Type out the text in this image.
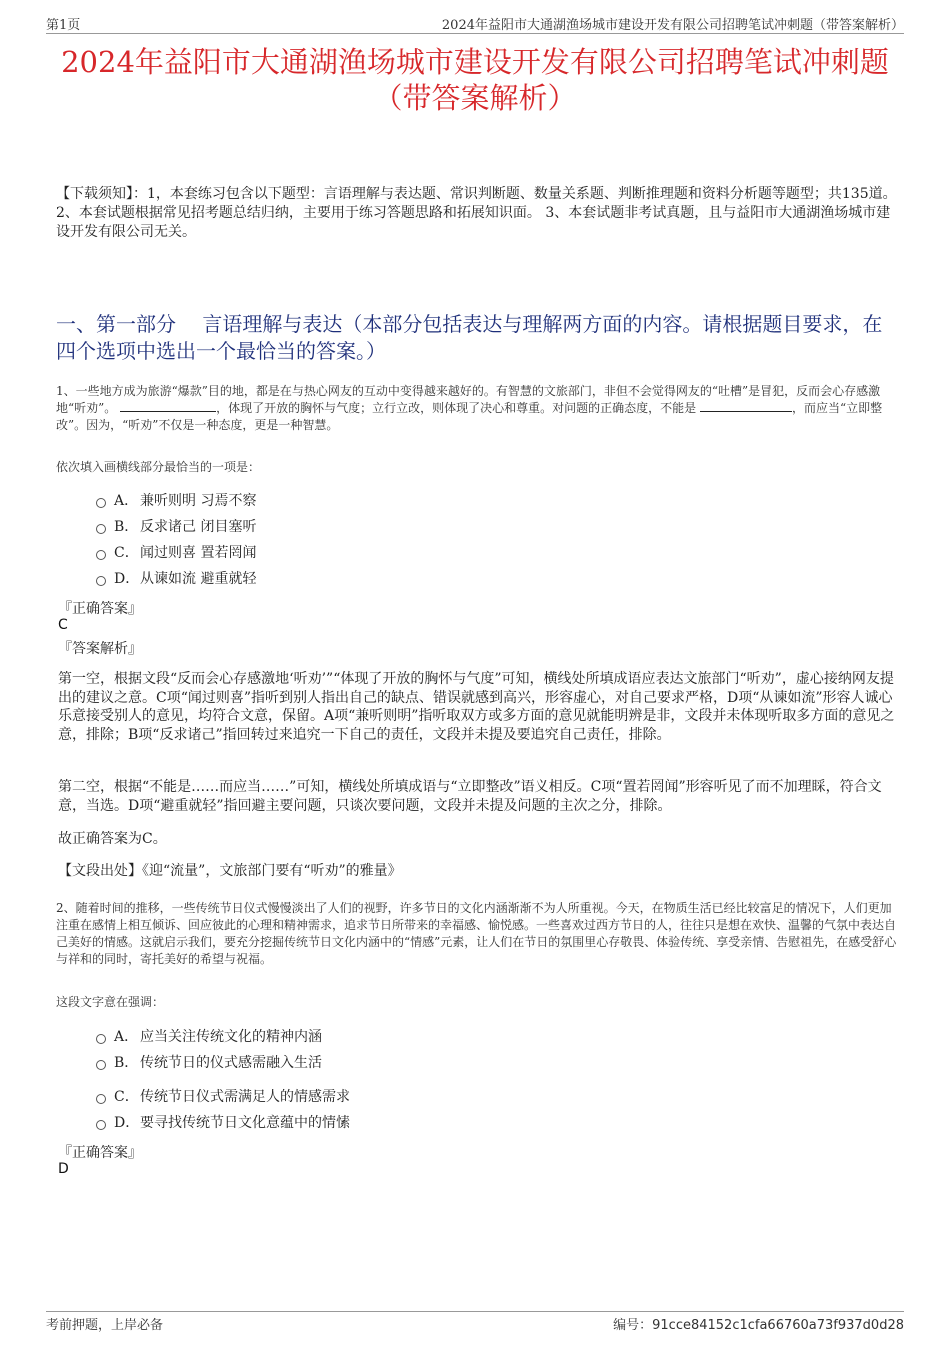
第1页	2024年益阳市大通湖渔场城市建设开发有限公司招聘笔试冲刺题（带答案解析）
2024年益阳市大通湖渔场城市建设开发有限公司招聘笔试冲刺题（带答案解析）
【下载须知】：1，本套练习包含以下题型：言语理解与表达题、常识判断题、数量关系题、判断推理题和资料分析题等题型；共135道。 2、本套试题根据常见招考题总结归纳，主要用于练习答题思路和拓展知识面。 3、本套试题非考试真题，且与益阳市大通湖渔场城市建设开发有限公司无关。
一、第一部分　 言语理解与表达（本部分包括表达与理解两方面的内容。请根据题目要求，在四个选项中选出一个最恰当的答案。）
1、一些地方成为旅游“爆款”目的地，都是在与热心网友的互动中变得越来越好的。有智慧的文旅部门，非但不会觉得网友的“吐槽”是冒犯，反而会心存感激地“听劝”。	，体现了开放的胸怀与气度；立行立改，则体现了决心和尊重。对问题的正确态度，不能是	，而应当“立即整改”。因为，“听劝”不仅是一种态度，更是一种智慧。
依次填入画横线部分最恰当的一项是：
A． 兼听则明 习焉不察
B． 反求诸己 闭目塞听
C．闻过则喜 置若罔闻
D．从谏如流 避重就轻
『正确答案』
C
『答案解析』
第一空，根据文段“反而会心存感激地‘听劝’”“体现了开放的胸怀与气度”可知，横线处所填成语应表达文旅部门“听劝”，虚心接纳网友提出的建议之意。C项“闻过则喜”指听到别人指出自己的缺点、错误就感到高兴，形容虚心，对自己要求严格，D项“从谏如流”形容人诚心乐意接受别人的意见，均符合文意，保留。A项“兼听则明”指听取双方或多方面的意见就能明辨是非，文段并未体现听取多方面的意见之意，排除；B项“反求诸己”指回转过来追究一下自己的责任，文段并未提及要追究自己责任，排除。
第二空，根据“不能是……而应当……”可知，横线处所填成语与“立即整改”语义相反。C项“置若罔闻”形容听见了而不加理睬，符合文意，当选。D项“避重就轻”指回避主要问题，只谈次要问题，文段并未提及问题的主次之分，排除。
故正确答案为C。
【文段出处】《迎“流量”，文旅部门要有“听劝”的雅量》
2、随着时间的推移，一些传统节日仪式慢慢淡出了人们的视野，许多节日的文化内涵渐渐不为人所重视。今天，在物质生活已经比较富足的情况下，人们更加注重在感情上相互倾诉、回应彼此的心理和精神需求，追求节日所带来的幸福感、愉悦感。一些喜欢过西方节日的人，往往只是想在欢快、温馨的气氛中表达自己美好的情感。这就启示我们，要充分挖掘传统节日文化内涵中的“情感”元素，让人们在节日的氛围里心存敬畏、体验传统、享受亲情、告慰祖先，在感受舒心与祥和的同时，寄托美好的希望与祝福。
这段文字意在强调：
A． 应当关注传统文化的精神内涵
B． 传统节日的仪式感需融入生活
C．传统节日仪式需满足人的情感需求
D．要寻找传统节日文化意蕴中的情愫
『正确答案』
D
考前押题，上岸必备	编号：91cce84152c1cfa66760a73f937d0d28
